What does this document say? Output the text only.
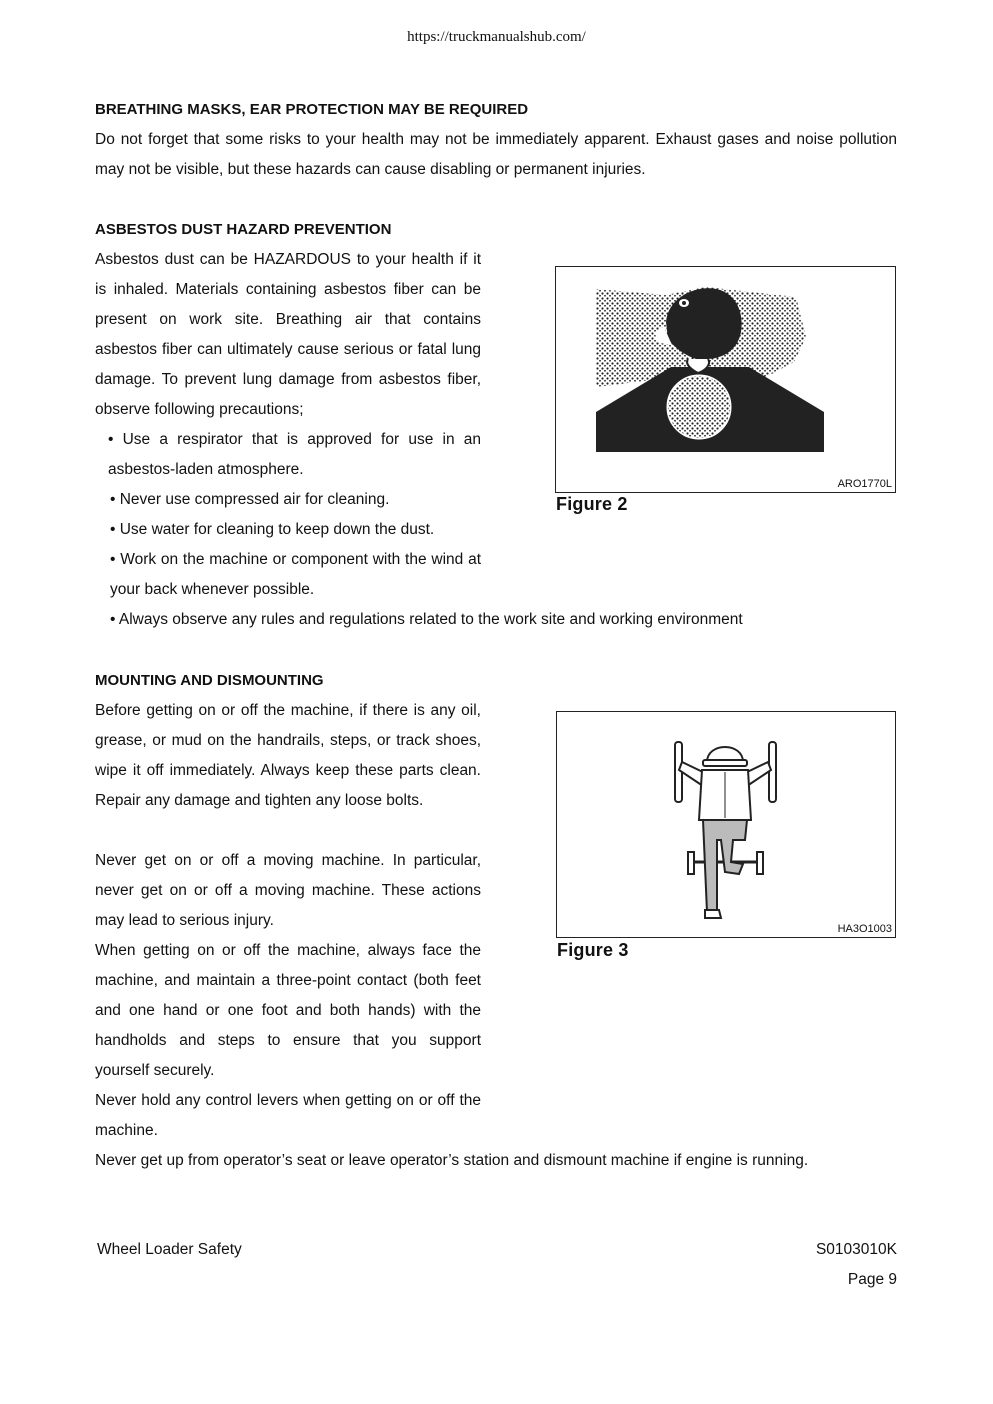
https://truckmanualshub.com/
BREATHING MASKS, EAR PROTECTION MAY BE REQUIRED
Do not forget that some risks to your health may not be immediately apparent. Exhaust gases and noise pollution may not be visible, but these hazards can cause disabling or permanent injuries.
ASBESTOS DUST HAZARD PREVENTION
Asbestos dust can be HAZARDOUS to your health if it is inhaled. Materials containing asbestos fiber can be present on work site. Breathing air that contains asbestos fiber can ultimately cause serious or fatal lung damage. To prevent lung damage from asbestos fiber, observe following precautions;
• Use a respirator that is approved for use in an asbestos-laden atmosphere.
• Never use compressed air for cleaning.
• Use water for cleaning to keep down the dust.
• Work on the machine or component with the wind at your back whenever possible.
• Always observe any rules and regulations related to the work site and working environment
ARO1770L
Figure 2
MOUNTING AND DISMOUNTING
Before getting on or off the machine, if there is any oil, grease, or mud on the handrails, steps, or track shoes, wipe it off immediately. Always keep these parts clean. Repair any damage and tighten any loose bolts.
Never get on or off a moving machine. In particular, never get on or off a moving machine. These actions may lead to serious injury.
When getting on or off the machine, always face the machine, and maintain a three-point contact (both feet and one hand or one foot and both hands) with the handholds and steps to ensure that you support yourself securely.
Never hold any control levers when getting on or off the machine.
Never get up from operator’s seat or leave operator’s station and dismount machine if engine is running.
HA3O1003
Figure 3
Wheel Loader Safety	S0103010K
Page 9
